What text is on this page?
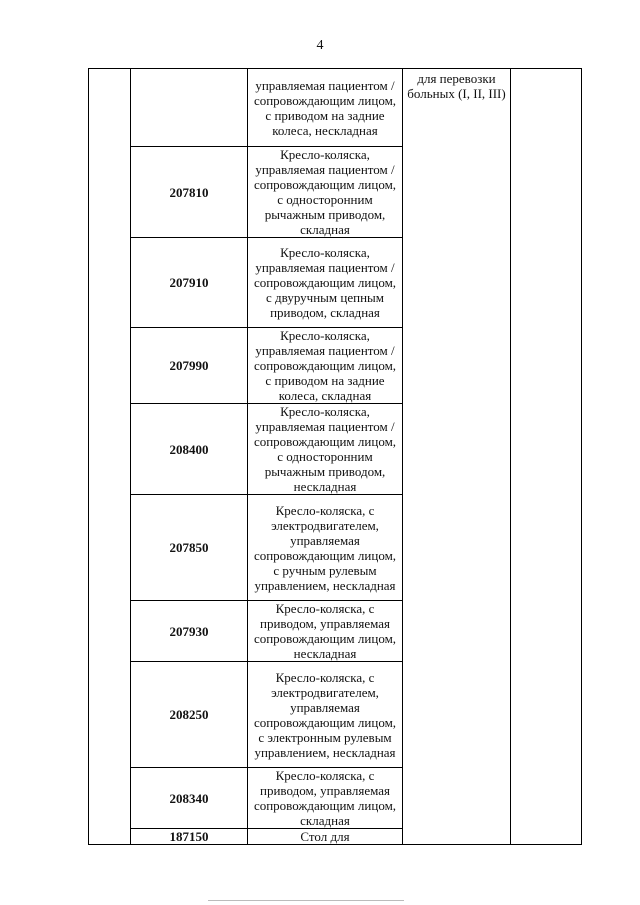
4
		управляемая пациентом /сопровождающим лицом, с приводом на задние колеса, нескладная	для перевозки больных (I, II, III)	
	207810	Кресло-коляска, управляемая пациентом /сопровождающим лицом, с односторонним рычажным приводом, складная		
	207910	Кресло-коляска, управляемая пациентом /сопровождающим лицом, с двуручным цепным приводом, складная		
	207990	Кресло-коляска, управляемая пациентом /сопровождающим лицом, с приводом на задние колеса, складная		
	208400	Кресло-коляска, управляемая пациентом /сопровождающим лицом, с односторонним рычажным приводом, нескладная		
	207850	Кресло-коляска, с электродвигателем, управляемая сопровождающим лицом, с ручным рулевым управлением, нескладная		
	207930	Кресло-коляска, с приводом, управляемая сопровождающим лицом, нескладная		
	208250	Кресло-коляска, с электродвигателем, управляемая сопровождающим лицом, с электронным рулевым управлением, нескладная		
	208340	Кресло-коляска, с приводом, управляемая сопровождающим лицом, складная		
	187150	Стол для		
